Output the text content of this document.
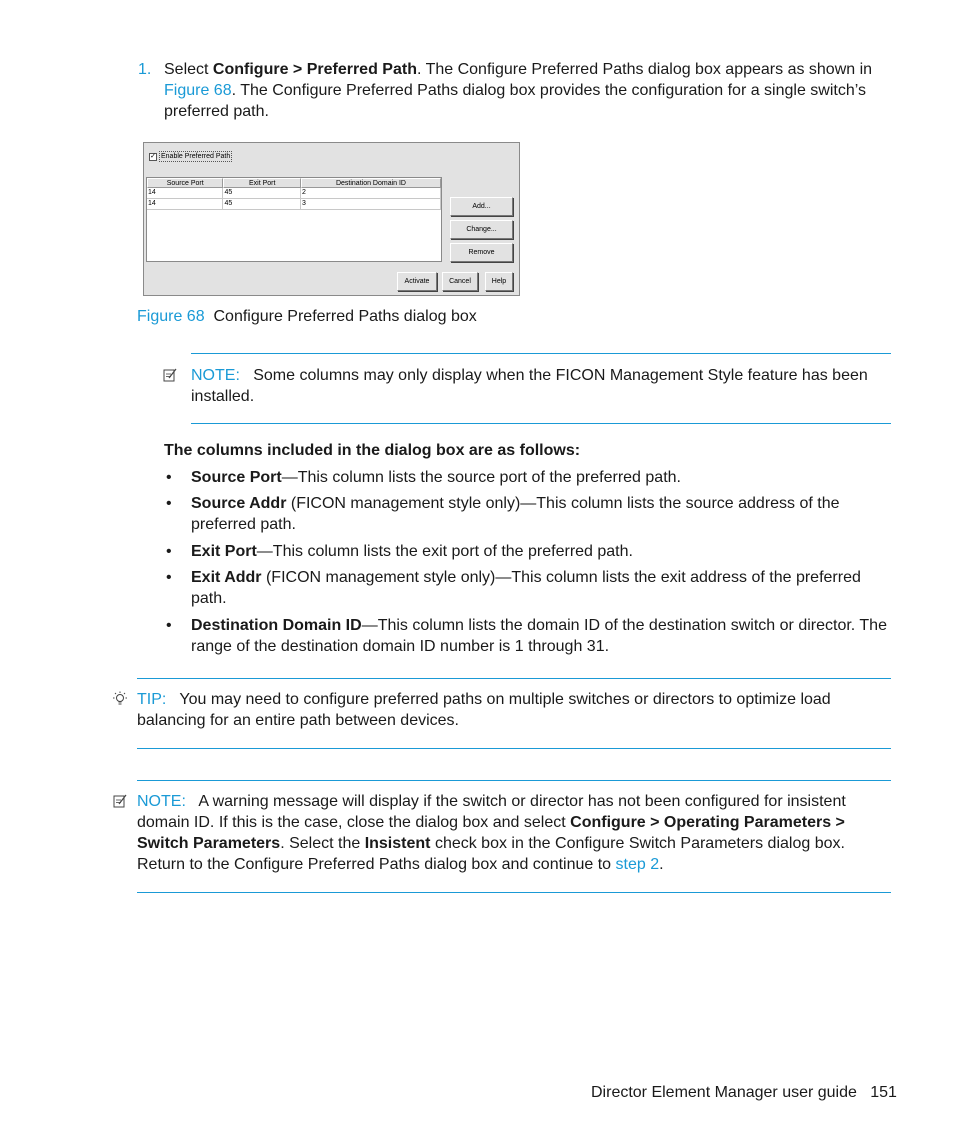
1. Select Configure > Preferred Path. The Configure Preferred Paths dialog box appears as shown in Figure 68. The Configure Preferred Paths dialog box provides the configuration for a single switch’s preferred path.
✓ Enable Preferred Path
Source Port	Exit Port	Destination Domain ID
14	45	2
14	45	3	Add...
Change...
Remove
Activate	Cancel	Help
Figure 68 Configure Preferred Paths dialog box
NOTE: Some columns may only display when the FICON Management Style feature has been installed.
The columns included in the dialog box are as follows:
• Source Port—This column lists the source port of the preferred path.
• Source Addr (FICON management style only)—This column lists the source address of the preferred path.
• Exit Port—This column lists the exit port of the preferred path.
• Exit Addr (FICON management style only)—This column lists the exit address of the preferred path.
• Destination Domain ID—This column lists the domain ID of the destination switch or director. The range of the destination domain ID number is 1 through 31.
TIP: You may need to configure preferred paths on multiple switches or directors to optimize load balancing for an entire path between devices.
NOTE: A warning message will display if the switch or director has not been configured for insistent domain ID. If this is the case, close the dialog box and select Configure > Operating Parameters > Switch Parameters. Select the Insistent check box in the Configure Switch Parameters dialog box. Return to the Configure Preferred Paths dialog box and continue to step 2.
Director Element Manager user guide 151
